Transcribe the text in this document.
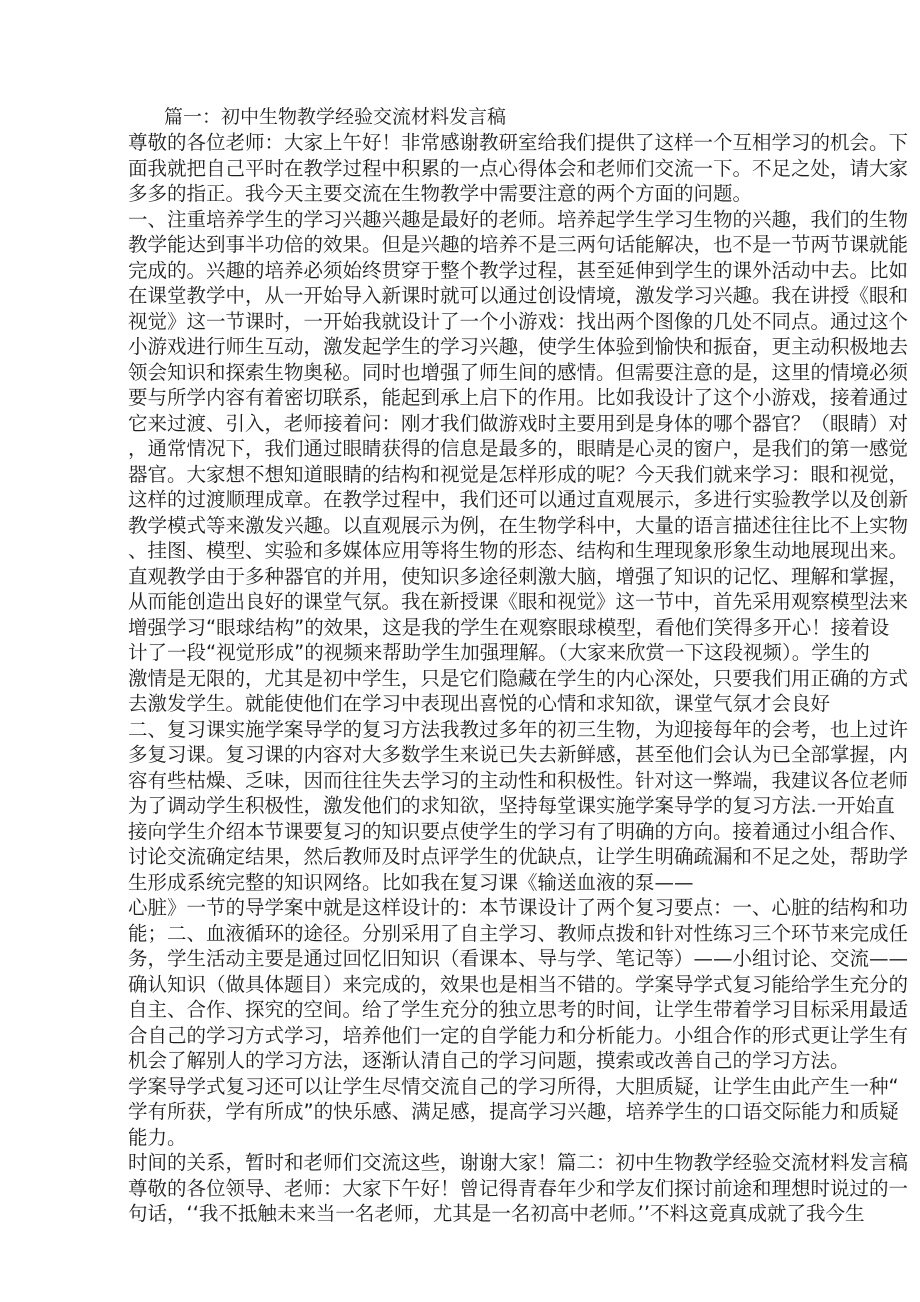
篇一：初中生物教学经验交流材料发言稿
尊敬的各位老师：大家上午好！非常感谢教研室给我们提供了这样一个互相学习的机会。下
面我就把自己平时在教学过程中积累的一点心得体会和老师们交流一下。不足之处，请大家
多多的指正。我今天主要交流在生物教学中需要注意的两个方面的问题。
一、注重培养学生的学习兴趣兴趣是最好的老师。培养起学生学习生物的兴趣，我们的生物
教学能达到事半功倍的效果。但是兴趣的培养不是三两句话能解决，也不是一节两节课就能
完成的。兴趣的培养必须始终贯穿于整个教学过程，甚至延伸到学生的课外活动中去。比如
在课堂教学中，从一开始导入新课时就可以通过创设情境，激发学习兴趣。我在讲授《眼和
视觉》这一节课时，一开始我就设计了一个小游戏：找出两个图像的几处不同点。通过这个
小游戏进行师生互动，激发起学生的学习兴趣，使学生体验到愉快和振奋，更主动积极地去
领会知识和探索生物奥秘。同时也增强了师生间的感情。但需要注意的是，这里的情境必须
要与所学内容有着密切联系，能起到承上启下的作用。比如我设计了这个小游戏，接着通过
它来过渡、引入，老师接着问：刚才我们做游戏时主要用到是身体的哪个器官？（眼睛）对
，通常情况下，我们通过眼睛获得的信息是最多的，眼睛是心灵的窗户，是我们的第一感觉
器官。大家想不想知道眼睛的结构和视觉是怎样形成的呢？今天我们就来学习：眼和视觉，
这样的过渡顺理成章。在教学过程中，我们还可以通过直观展示，多进行实验教学以及创新
教学模式等来激发兴趣。以直观展示为例，在生物学科中，大量的语言描述往往比不上实物
、挂图、模型、实验和多媒体应用等将生物的形态、结构和生理现象形象生动地展现出来。
直观教学由于多种器官的并用，使知识多途径刺激大脑，增强了知识的记忆、理解和掌握，
从而能创造出良好的课堂气氛。我在新授课《眼和视觉》这一节中，首先采用观察模型法来
增强学习“眼球结构”的效果，这是我的学生在观察眼球模型，看他们笑得多开心！接着设
计了一段“视觉形成”的视频来帮助学生加强理解。（大家来欣赏一下这段视频）。学生的
激情是无限的，尤其是初中学生，只是它们隐藏在学生的内心深处，只要我们用正确的方式
去激发学生。就能使他们在学习中表现出喜悦的心情和求知欲，课堂气氛才会良好
二、复习课实施学案导学的复习方法我教过多年的初三生物，为迎接每年的会考，也上过许
多复习课。复习课的内容对大多数学生来说已失去新鲜感，甚至他们会认为已全部掌握，内
容有些枯燥、乏味，因而往往失去学习的主动性和积极性。针对这一弊端，我建议各位老师
为了调动学生积极性，激发他们的求知欲，坚持每堂课实施学案导学的复习方法.一开始直
接向学生介绍本节课要复习的知识要点使学生的学习有了明确的方向。接着通过小组合作、
讨论交流确定结果，然后教师及时点评学生的优缺点，让学生明确疏漏和不足之处，帮助学
生形成系统完整的知识网络。比如我在复习课《输送血液的泵——
心脏》一节的导学案中就是这样设计的：本节课设计了两个复习要点：一、心脏的结构和功
能；二、血液循环的途径。分别采用了自主学习、教师点拨和针对性练习三个环节来完成任
务，学生活动主要是通过回忆旧知识（看课本、导与学、笔记等）——小组讨论、交流——
确认知识（做具体题目）来完成的，效果也是相当不错的。学案导学式复习能给学生充分的
自主、合作、探究的空间。给了学生充分的独立思考的时间，让学生带着学习目标采用最适
合自己的学习方式学习，培养他们一定的自学能力和分析能力。小组合作的形式更让学生有
机会了解别人的学习方法，逐渐认清自己的学习问题，摸索或改善自己的学习方法。
学案导学式复习还可以让学生尽情交流自己的学习所得，大胆质疑，让学生由此产生一种“
学有所获，学有所成”的快乐感、满足感，提高学习兴趣，培养学生的口语交际能力和质疑
能力。
时间的关系，暂时和老师们交流这些，谢谢大家！篇二：初中生物教学经验交流材料发言稿
尊敬的各位领导、老师：大家下午好！曾记得青春年少和学友们探讨前途和理想时说过的一
句话，‘‘我不抵触未来当一名老师，尤其是一名初高中老师。’’不料这竟真成就了我今生
